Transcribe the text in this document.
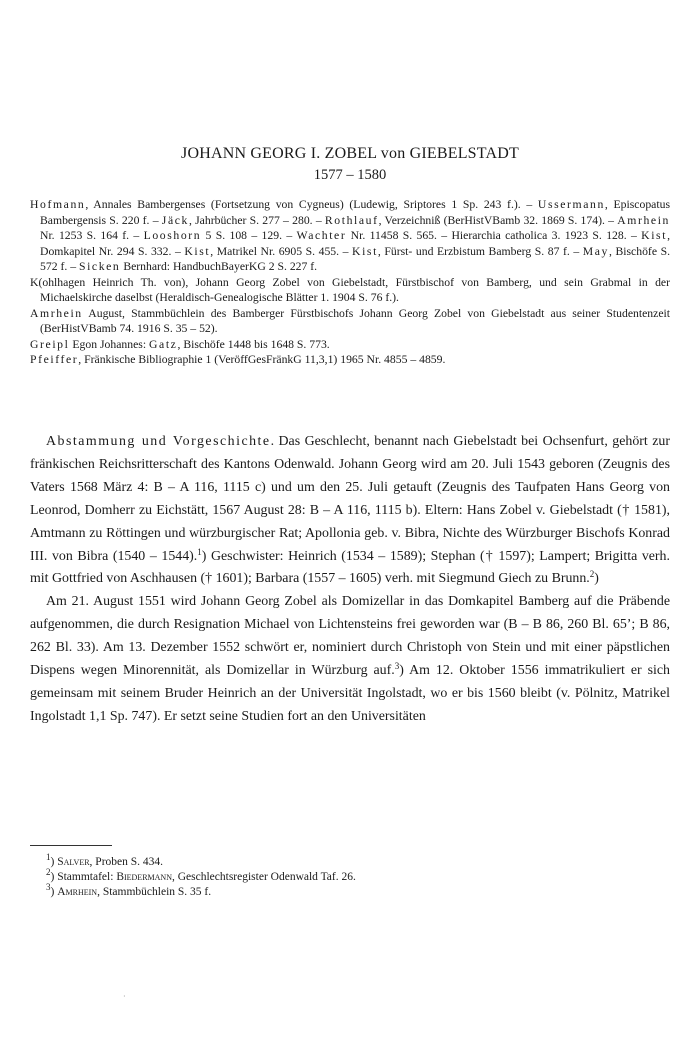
JOHANN GEORG I. ZOBEL von GIEBELSTADT
1577 – 1580

Hofmann, Annales Bambergenses (Fortsetzung von Cygneus) (Ludewig, Sriptores 1 Sp. 243 f.). – Ussermann, Episcopatus Bambergensis S. 220 f. – Jäck, Jahrbücher S. 277 – 280. – Rothlauf, Verzeichniß (BerHistVBamb 32. 1869 S. 174). – Amrhein Nr. 1253 S. 164 f. – Looshorn 5 S. 108 – 129. – Wachter Nr. 11458 S. 565. – Hierarchia catholica 3. 1923 S. 128. – Kist, Domkapitel Nr. 294 S. 332. – Kist, Matrikel Nr. 6905 S. 455. – Kist, Fürst- und Erzbistum Bamberg S. 87 f. – May, Bischöfe S. 572 f. – Sicken Bernhard: HandbuchBayerKG 2 S. 227 f.

K(ohlhagen Heinrich Th. von), Johann Georg Zobel von Giebelstadt, Fürstbischof von Bamberg, und sein Grabmal in der Michaelskirche daselbst (Heraldisch-Genealogische Blätter 1. 1904 S. 76 f.).

Amrhein August, Stammbüchlein des Bamberger Fürstbischofs Johann Georg Zobel von Giebelstadt aus seiner Studentenzeit (BerHistVBamb 74. 1916 S. 35 – 52).

Greipl Egon Johannes: Gatz, Bischöfe 1448 bis 1648 S. 773.

Pfeiffer, Fränkische Bibliographie 1 (VeröffGesFränkG 11,3,1) 1965 Nr. 4855 – 4859.

Abstammung und Vorgeschichte. Das Geschlecht, benannt nach Giebelstadt bei Ochsenfurt, gehört zur fränkischen Reichsritterschaft des Kantons Odenwald. Johann Georg wird am 20. Juli 1543 geboren (Zeugnis des Vaters 1568 März 4: B – A 116, 1115 c) und um den 25. Juli getauft (Zeugnis des Taufpaten Hans Georg von Leonrod, Domherr zu Eichstätt, 1567 August 28: B – A 116, 1115 b). Eltern: Hans Zobel v. Giebelstadt († 1581), Amtmann zu Röttingen und würzburgischer Rat; Apollonia geb. v. Bibra, Nichte des Würzburger Bischofs Konrad III. von Bibra (1540 – 1544).$^1$) Geschwister: Heinrich (1534 – 1589); Stephan († 1597); Lampert; Brigitta verh. mit Gottfried von Aschhausen († 1601); Barbara (1557 – 1605) verh. mit Siegmund Giech zu Brunn.$^2$)

Am 21. August 1551 wird Johann Georg Zobel als Domizellar in das Domkapitel Bamberg auf die Präbende aufgenommen, die durch Resignation Michael von Lichtensteins frei geworden war (B – B 86, 260 Bl. 65’; B 86, 262 Bl. 33). Am 13. Dezember 1552 schwört er, nominiert durch Christoph von Stein und mit einer päpstlichen Dispens wegen Minorennität, als Domizellar in Würzburg auf.$^3$) Am 12. Oktober 1556 immatrikuliert er sich gemeinsam mit seinem Bruder Heinrich an der Universität Ingolstadt, wo er bis 1560 bleibt (v. Pölnitz, Matrikel Ingolstadt 1,1 Sp. 747). Er setzt seine Studien fort an den Universitäten

$^1$) Salver, Proben S. 434.

$^2$) Stammtafel: Biedermann, Geschlechtsregister Odenwald Taf. 26.

$^3$) Amrhein, Stammbüchlein S. 35 f.

·
